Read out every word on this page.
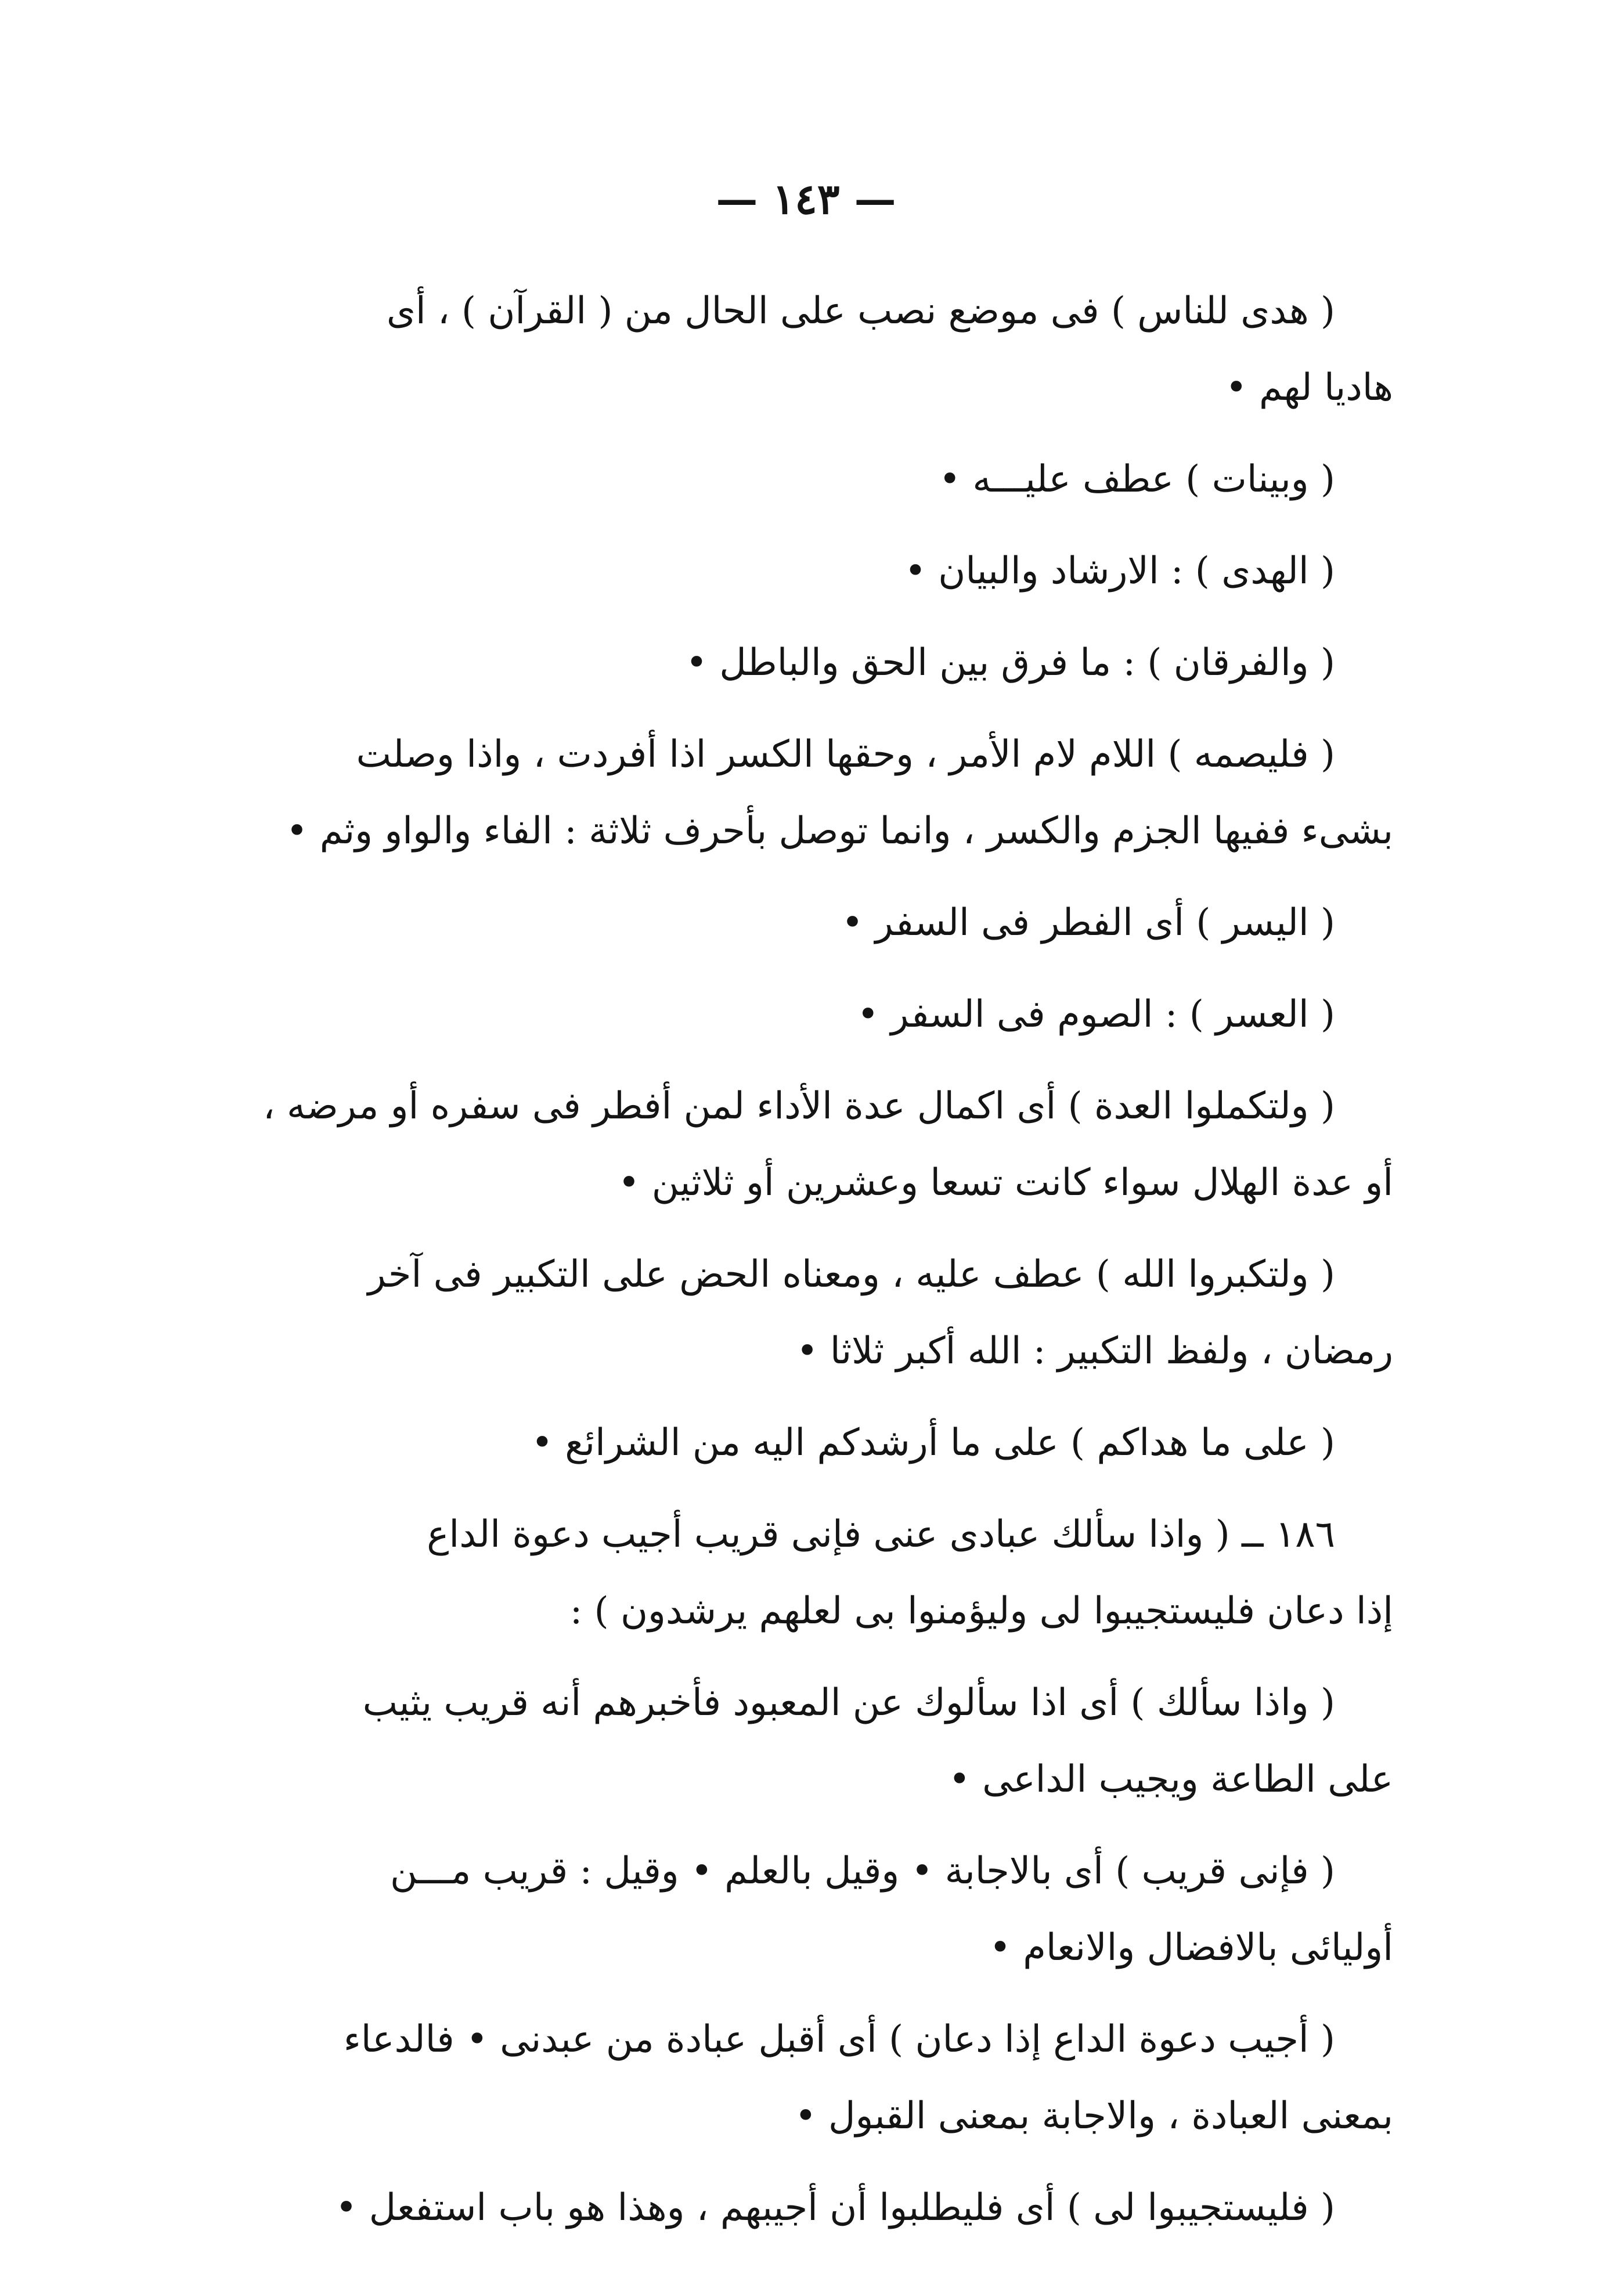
— ١٤٣ —

( هدى للناس ) فى موضع نصب على الحال من ( القرآن ) ، أى
هاديا لهم •

( وبينات ) عطف عليـــه •

( الهدى ) : الارشاد والبيان •

( والفرقان ) : ما فرق بين الحق والباطل •

( فليصمه ) اللام لام الأمر ، وحقها الكسر اذا أفردت ، واذا وصلت
بشىء ففيها الجزم والكسر ، وانما توصل بأحرف ثلاثة : الفاء والواو وثم •

( اليسر ) أى الفطر فى السفر •

( العسر ) : الصوم فى السفر •

( ولتكملوا العدة ) أى اكمال عدة الأداء لمن أفطر فى سفره أو مرضه ،
أو عدة الهلال سواء كانت تسعا وعشرين أو ثلاثين •

( ولتكبروا الله ) عطف عليه ، ومعناه الحض على التكبير فى آخر
رمضان ، ولفظ التكبير : الله أكبر ثلاثا •

( على ما هداكم ) على ما أرشدكم اليه من الشرائع •

١٨٦ ــ ( واذا سألك عبادى عنى فإنى قريب أجيب دعوة الداع
إذا دعان فليستجيبوا لى وليؤمنوا بى لعلهم يرشدون ) :

( واذا سألك ) أى اذا سألوك عن المعبود فأخبرهم أنه قريب يثيب
على الطاعة ويجيب الداعى •

( فإنى قريب ) أى بالاجابة • وقيل بالعلم • وقيل : قريب مـــن
أوليائى بالافضال والانعام •

( أجيب دعوة الداع إذا دعان ) أى أقبل عبادة من عبدنى • فالدعاء
بمعنى العبادة ، والاجابة بمعنى القبول •

( فليستجيبوا لى ) أى فليطلبوا أن أجيبهم ، وهذا هو باب استفعل •
